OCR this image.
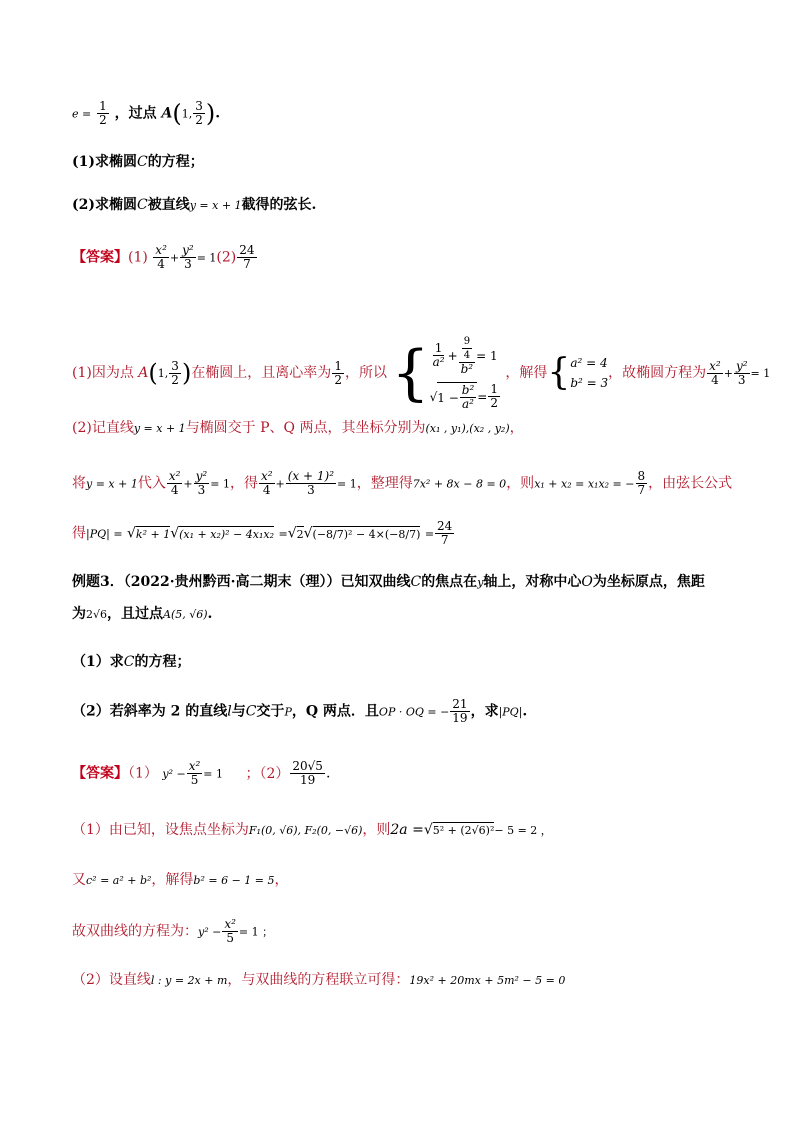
$e = \frac{1}{2}$ ，过点 A(1, $\frac{3}{2}$ ).
(1)求椭圆C的方程；
(2)求椭圆C被直线y = x + 1截得的弦长.
【答案】$(1) \frac{\text{x²}}{4} + \frac{\text{y²}}{3} = 1(2) \frac{24}{7}$
(1)因为点 A(1, $\frac{3}{2}$ )在椭圆上，且离心率为 $\frac{1}{2}$ ，所以 { $\frac{1}{\text{a²}} + \frac{\frac{9}{4}}{\text{b²}} = 1$
√ $1 - \frac{\text{b²}}{\text{a²}} = \frac{1}{2}$
，解得{ a² = 4
b² = 3
，故椭圆方程为 $\frac{\text{x²}}{4} + \frac{\text{y²}}{3} = 1$
(2)记直线y = x + 1与椭圆交于 P、Q 两点，其坐标分别为(x₁ , y₁),(x₂ , y₂)，
将y = x + 1代入 $\frac{\text{x²}}{4} + \frac{\text{y²}}{3} = 1$，得 $\frac{\text{x²}}{4} + \frac{\text{(x + 1)²}}{3} = 1$，整理得7x² + 8x − 8 = 0，则x₁ + x₂ = x₁x₂ = − $\frac{8}{7}$ ，由弦长公式
得$|PQ| = √k^2 + 1√(x_1 + x_2)^2 - 4x_1x_2 =√2√(-8/7)^2 - 4\times(-8/7) = \frac{24}{7}$
例题3．（2022·贵州黔西·高二期末（理））已知双曲线C的焦点在y轴上，对称中心O为坐标原点，焦距
为2√6，且过点A(5, √6).
（1）求C的方程；
（2）若斜率为 2 的直线l与C交于P，Q 两点．且OP · OQ = − $\frac{21}{19}$ ，求|PQ|.
【答案】（1） $y^2 - \frac{\text{x²}}{5} = 1$ ；$(2) \frac{20√5}{19}$ .
（1）由已知，设焦点坐标为F₁(0, √6), F₂(0, −√6)，则2a =√5² + (2√6)²− 5 = 2 ，
又c² = a² + b²，解得b² = 6 − 1 = 5，
故双曲线的方程为：$y^2 - \frac{\text{x²}}{5} = 1$ ；
（2）设直线l : y = 2x + m，与双曲线的方程联立可得：19x² + 20mx + 5m² − 5 = 0
